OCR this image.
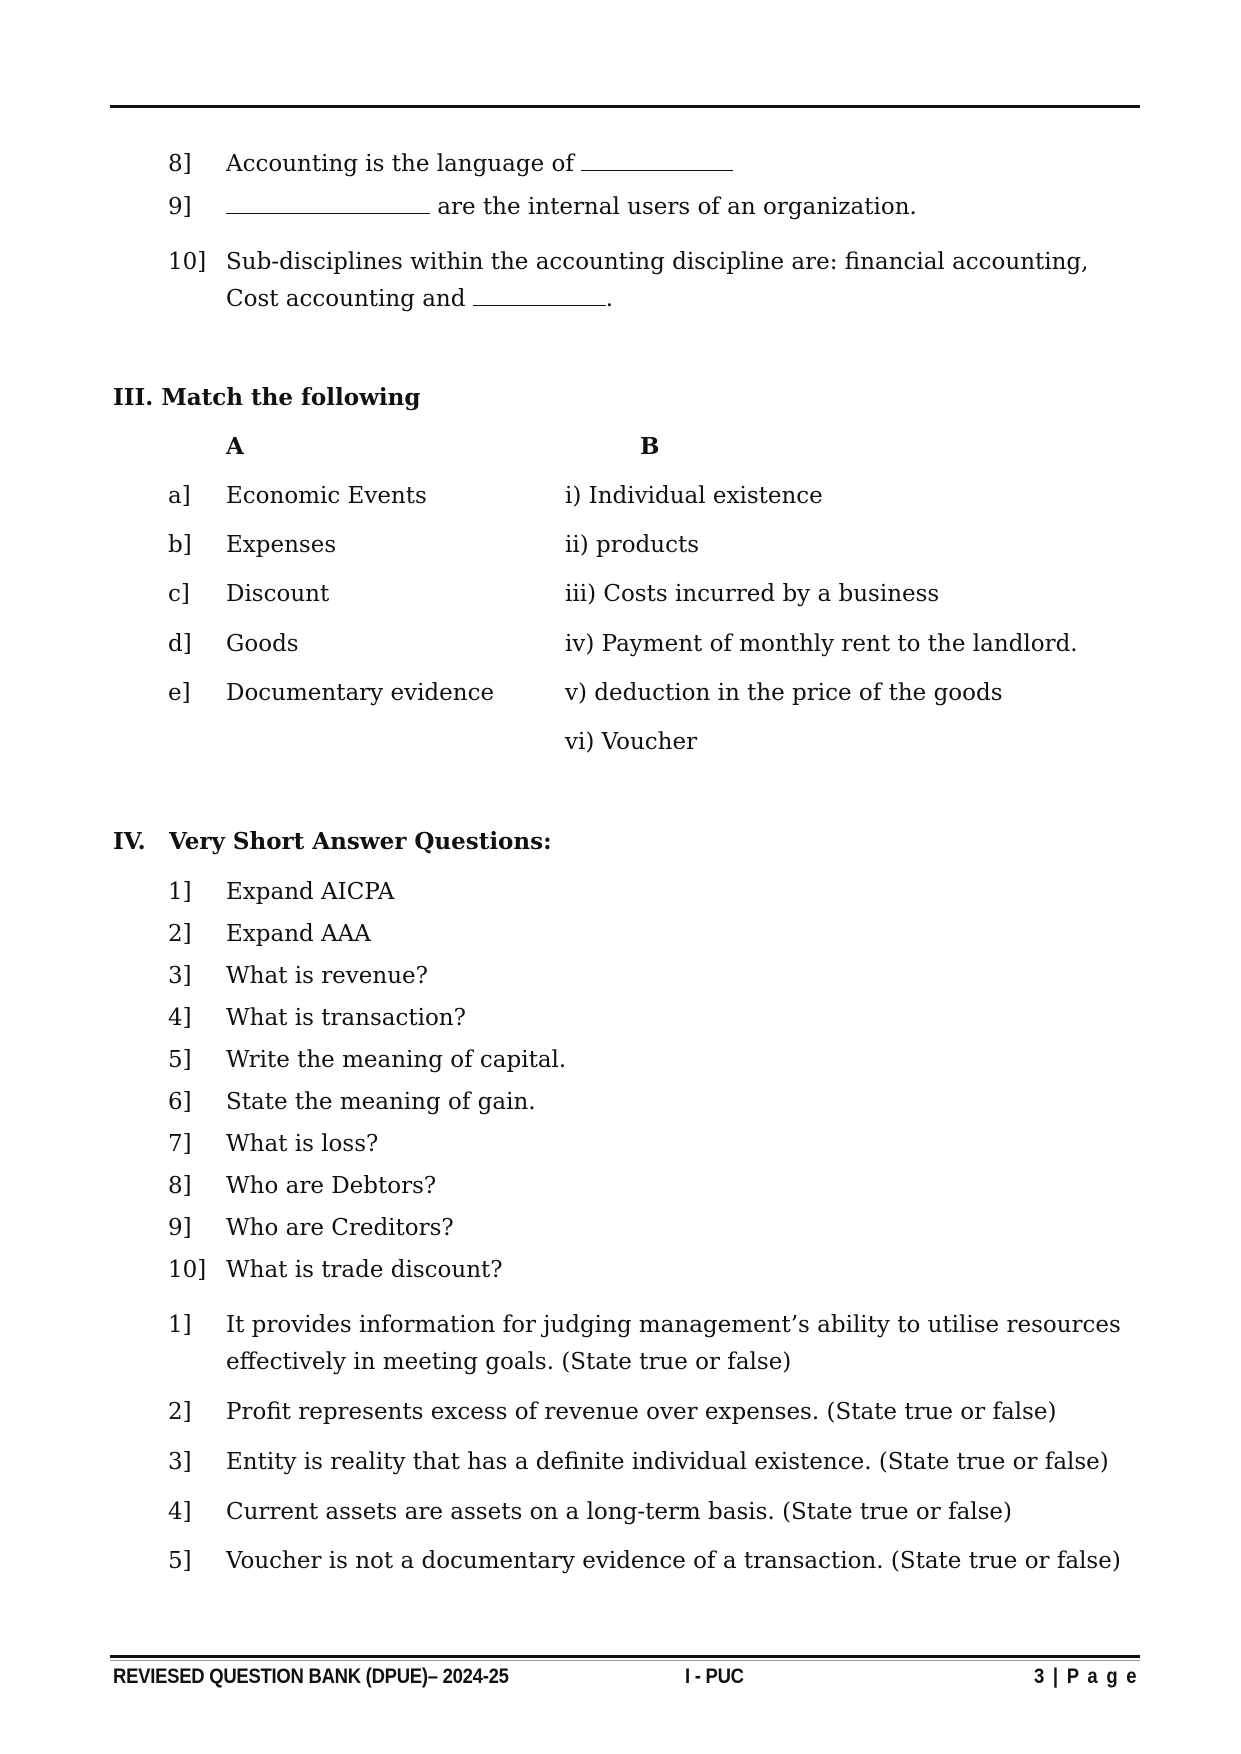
8] Accounting is the language of
9]	are the internal users of an organization.
10] Sub-disciplines within the accounting discipline are: financial accounting,
Cost accounting and	.
III. Match the following
A	B
a] Economic Events	i) Individual existence
b] Expenses	ii) products
c] Discount	iii) Costs incurred by a business
d] Goods	iv) Payment of monthly rent to the landlord.
e] Documentary evidence	v) deduction in the price of the goods
vi) Voucher
IV. Very Short Answer Questions:
1] Expand AICPA
2] Expand AAA
3] What is revenue?
4] What is transaction?
5] Write the meaning of capital.
6] State the meaning of gain.
7] What is loss?
8] Who are Debtors?
9] Who are Creditors?
10] What is trade discount?
1] It provides information for judging management’s ability to utilise resources
effectively in meeting goals. (State true or false)
2] Profit represents excess of revenue over expenses. (State true or false)
3] Entity is reality that has a definite individual existence. (State true or false)
4] Current assets are assets on a long-term basis. (State true or false)
5] Voucher is not a documentary evidence of a transaction. (State true or false)
REVIESED QUESTION BANK (DPUE)– 2024-25	I - PUC	3 | P a g e
